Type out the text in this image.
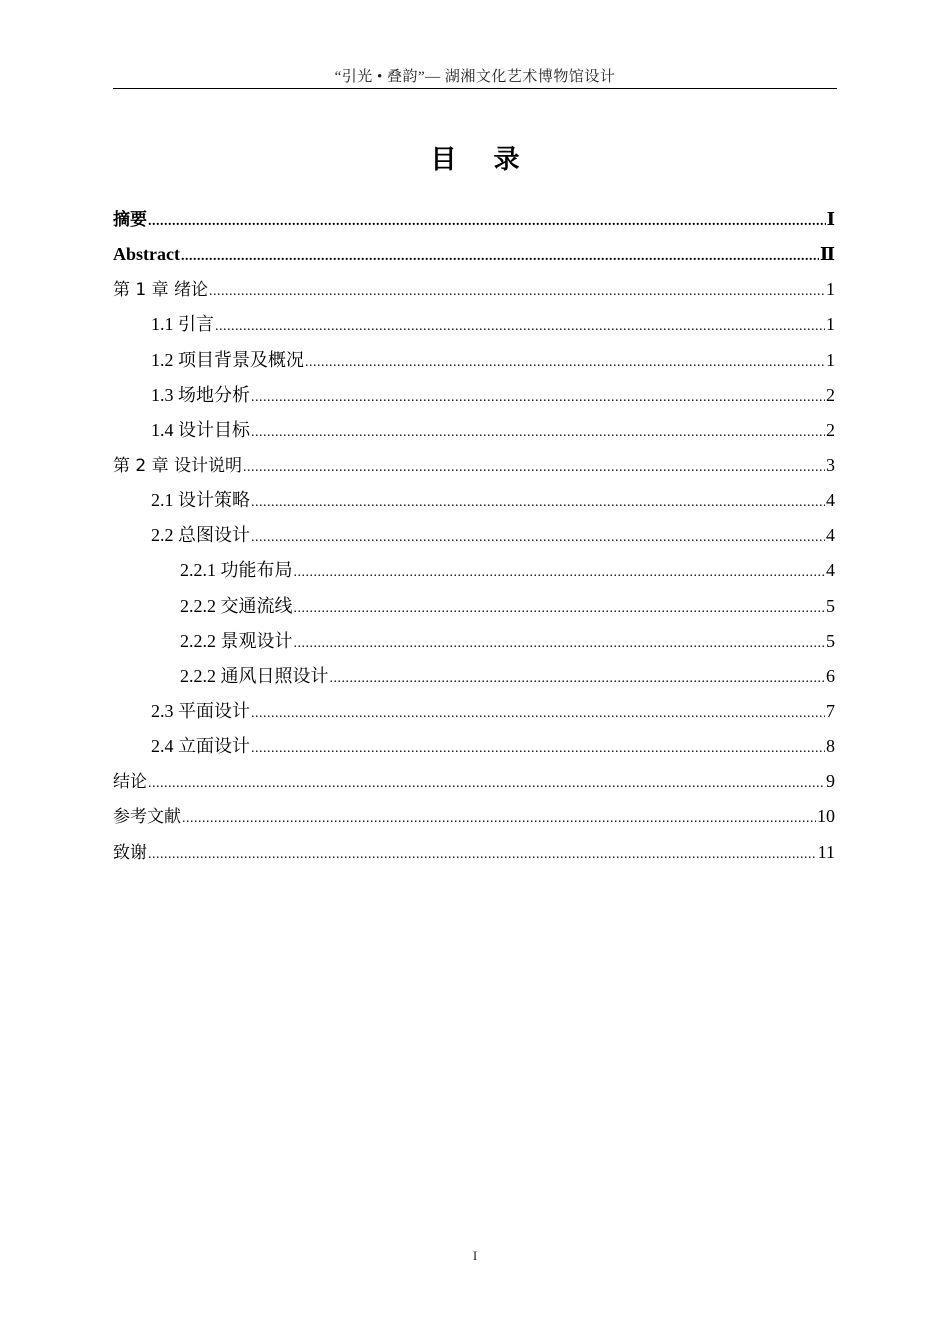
“引光 • 叠韵”— 湖湘文化艺术博物馆设计
目 录
摘要 .....	Ⅰ
Abstract .....	Ⅱ
第 1 章 绪论 .....	1
1.1 引言 .....	1
1.2 项目背景及概况 .....	1
1.3 场地分析 .....	2
1.4 设计目标 .....	2
第 2 章 设计说明 .....	3
2.1 设计策略 .....	4
2.2 总图设计 .....	4
2.2.1 功能布局 .....	4
2.2.2 交通流线 .....	5
2.2.2 景观设计 .....	5
2.2.2 通风日照设计 .....	6
2.3 平面设计 .....	7
2.4 立面设计 .....	8
结论 .....	9
参考文献 .....	10
致谢 .....	11
I
